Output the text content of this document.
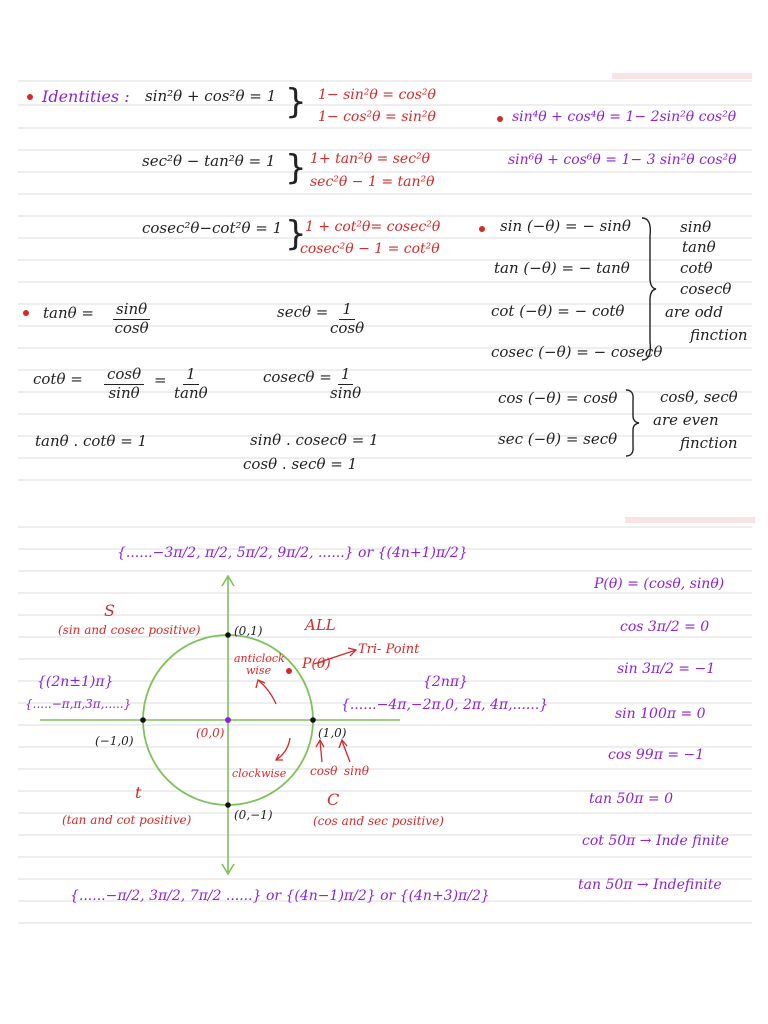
Identities : sin²θ + cos²θ = 1 } 1− sin²θ = cos²θ
1− cos²θ = sin²θ	sin⁴θ + cos⁴θ = 1− 2sin²θ cos²θ
sec²θ − tan²θ = 1 } 1+ tan²θ = sec²θ
sec²θ − 1 = tan²θ
sin⁶θ + cos⁶θ = 1− 3 sin²θ cos²θ
cosec²θ−cot²θ = 1 }
1 + cot²θ= cosec²θ
cosec²θ − 1 = cot²θ
sin (−θ) = − sinθ
tan (−θ) = − tanθ
cot (−θ) = − cotθ
cosec (−θ) = − cosecθ
sinθ
tanθ
cotθ
cosecθ
are odd
finction
$\tan\theta = \frac{\sin\theta}{\cos\theta}$	$\sec\theta = \frac{1}{\cos\theta}$
$\cot\theta = \frac{\cos\theta}{\sin\theta} = \frac{1}{\tan\theta}$	cosecθ =
$\frac{1}{\sin\theta}$
tanθ . cotθ = 1	sinθ . cosecθ = 1
cosθ . secθ = 1
cos (−θ) = cosθ
sec (−θ) = secθ
cosθ, secθ
are even
finction
{......−3π/2, π/2, 5π/2, 9π/2, ......} or {(4n+1)π/2}
{......−π/2, 3π/2, 7π/2 ......} or {(4n−1)π/2} or {(4n+3)π/2}
{(2n±1)π}
{.....−π,π,3π,.....}
{2nπ}
{......−4π,−2π,0, 2π, 4π,......}
S
(sin and cosec positive)	ALL
t
(tan and cot positive)
C
(cos and sec positive)
(0,1)
(0,−1)
(−1,0)
(1,0)
(0,0)
P(θ)
Tri- Point
anticlock
wise
clockwise cosθ sinθ
P(θ) = (cosθ, sinθ)
cos 3π/2 = 0
sin 3π/2 = −1
sin 100π = 0
cos 99π = −1
tan 50π = 0
cot 50π → Inde finite
tan 50π → Indefinite
